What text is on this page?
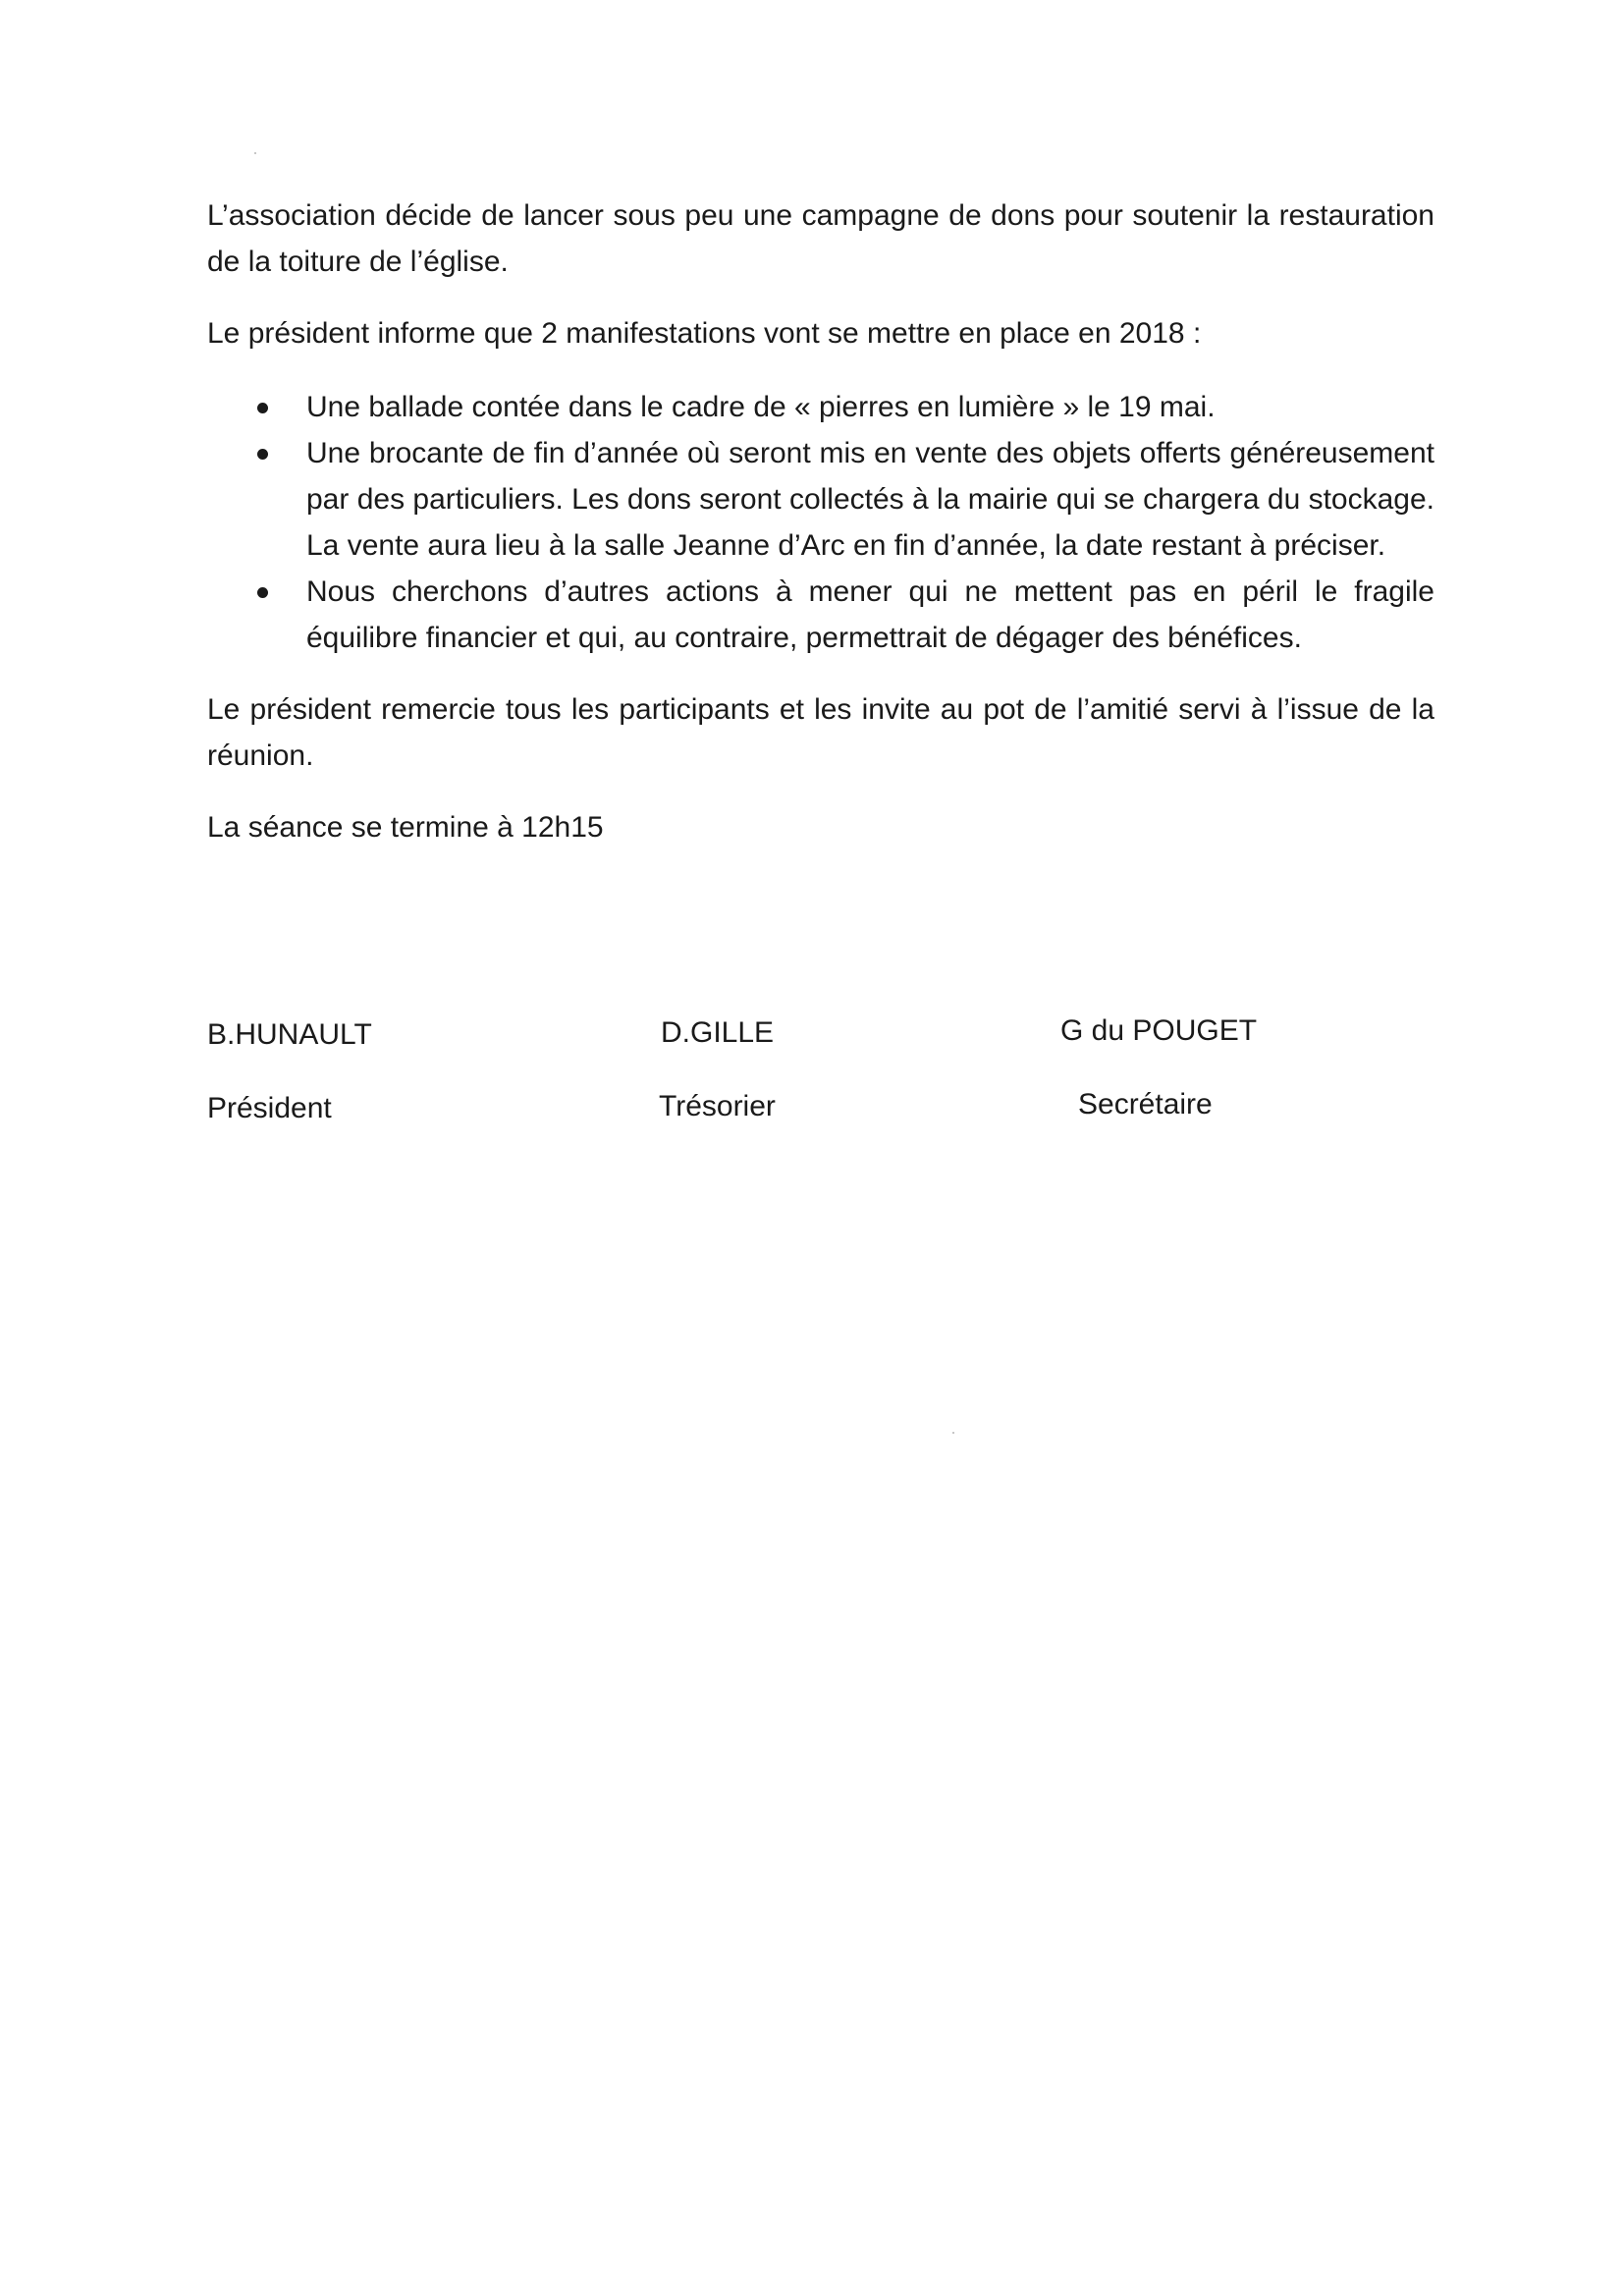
L’association décide de lancer sous peu une campagne de dons pour soutenir la restauration de la toiture de l’église.

Le président informe que 2 manifestations vont se mettre en place en 2018 :

Une ballade contée dans le cadre de « pierres en lumière » le 19 mai.
Une brocante de fin d’année où seront mis en vente des objets offerts généreusement par des particuliers. Les dons seront collectés à la mairie qui se chargera du stockage. La vente aura lieu à la salle Jeanne d’Arc en fin d’année, la date restant à préciser.
Nous cherchons d’autres actions à mener qui ne mettent pas en péril le fragile équilibre financier et qui, au contraire, permettrait de dégager des bénéfices.

Le président remercie tous les participants et les invite au pot de l’amitié servi à l’issue de la réunion.

La séance se termine à 12h15

B.HUNAULT
Président
D.GILLE
Trésorier
G du POUGET
Secrétaire
